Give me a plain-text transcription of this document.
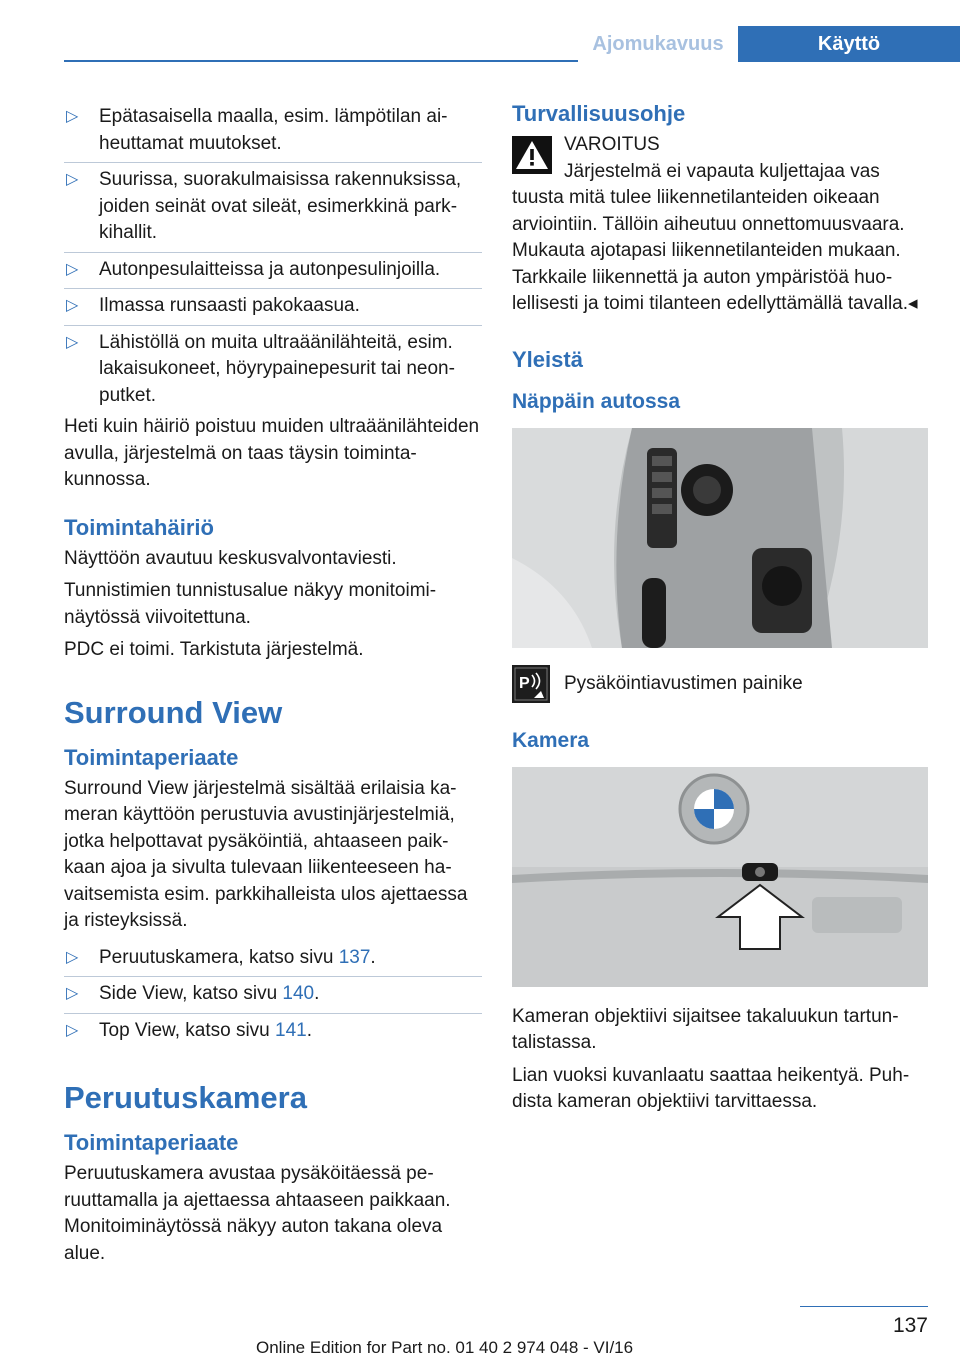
Ajomukavuus	Käyttö
▷ Epätasaisella maalla, esim. lämpötilan aiheuttamat muutokset.
▷ Suurissa, suorakulmaisissa rakennuksissa, joiden seinät ovat sileät, esimerkkinä parkkihallit.
▷ Autonpesulaitteissa ja autonpesulinjoilla.
▷ Ilmassa runsaasti pakokaasua.
▷ Lähistöllä on muita ultraäänilähteitä, esim. lakaisukoneet, höyrypainepesurit tai neonputket.

Heti kuin häiriö poistuu muiden ultraäänilähteiden avulla, järjestelmä on taas täysin toimintakunnossa.

Toimintahäiriö

Näyttöön avautuu keskusvalvontaviesti.

Tunnistimien tunnistusalue näkyy monitoiminäytössä viivoitettuna.

PDC ei toimi. Tarkistuta järjestelmä.

Surround View
Toimintaperiaate

Surround View järjestelmä sisältää erilaisia kameran käyttöön perustuvia avustinjärjestelmiä, jotka helpottavat pysäköintiä, ahtaaseen paikkaan ajoa ja sivulta tulevaan liikenteeseen havaitsemista esim. parkkihalleista ulos ajettaessa ja risteyksissä.

▷ Peruutuskamera, katso sivu 137.
▷ Side View, katso sivu 140.
▷ Top View, katso sivu 141.
Peruutuskamera
Toimintaperiaate

Peruutuskamera avustaa pysäköitäessä peruuttamalla ja ajettaessa ahtaaseen paikkaan. Monitoiminäytössä näkyy auton takana oleva alue.

Turvallisuusohje
VAROITUS
Järjestelmä ei vapauta kuljettajaa vas

tuusta mitä tulee liikennetilanteiden oikeaan arviointiin. Tällöin aiheutuu onnettomuusvaara. Mukauta ajotapasi liikennetilanteiden mukaan. Tarkkaile liikennettä ja auton ympäristöä huolellisesti ja toimi tilanteen edellyttämällä tavalla.◂

Yleistä
Näppäin autossa
P Pysäköintiavustimen painike
Kamera

Kameran objektiivi sijaitsee takaluukun tartuntalistassa.

Lian vuoksi kuvanlaatu saattaa heikentyä. Puhdista kameran objektiivi tarvittaessa.

137
Online Edition for Part no. 01 40 2 974 048 - VI/16
